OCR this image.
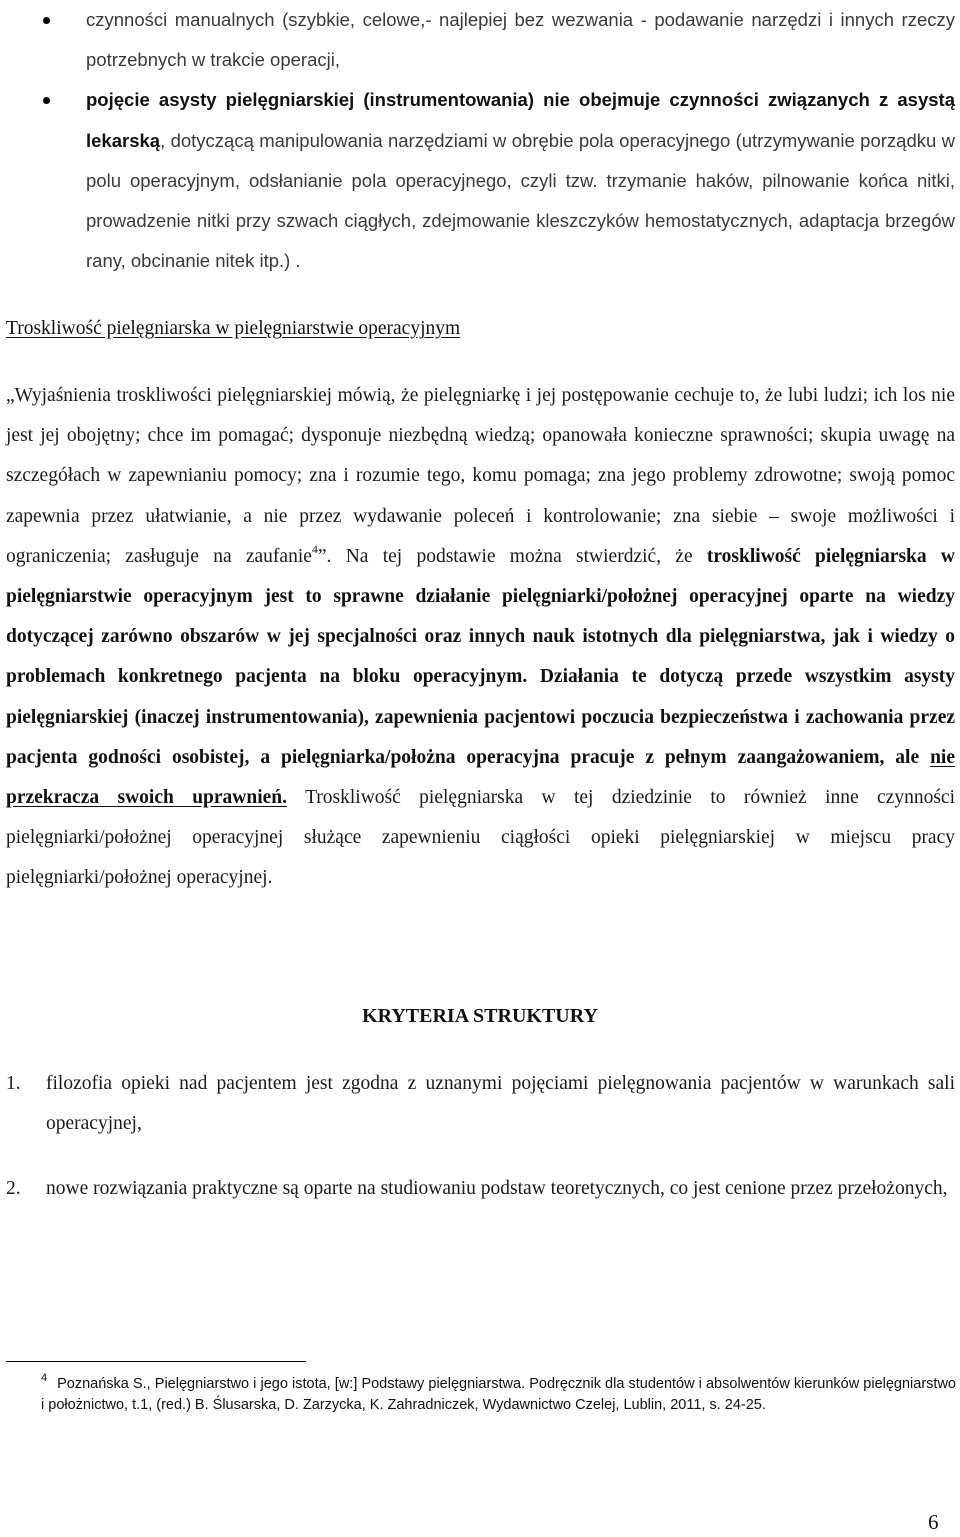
czynności manualnych (szybkie, celowe,- najlepiej bez wezwania - podawanie narzędzi i innych rzeczy potrzebnych w trakcie operacji,
pojęcie asysty pielęgniarskiej (instrumentowania) nie obejmuje czynności związanych z asystą lekarską, dotyczącą manipulowania narzędziami w obrębie pola operacyjnego (utrzymywanie porządku w polu operacyjnym, odsłanianie pola operacyjnego, czyli tzw. trzymanie haków, pilnowanie końca nitki, prowadzenie nitki przy szwach ciągłych, zdejmowanie kleszczyków hemostatycznych, adaptacja brzegów rany, obcinanie nitek itp.) .
Troskliwość pielęgniarska w pielęgniarstwie operacyjnym
„Wyjaśnienia troskliwości pielęgniarskiej mówią, że pielęgniarkę i jej postępowanie cechuje to, że lubi ludzi; ich los nie jest jej obojętny; chce im pomagać; dysponuje niezbędną wiedzą; opanowała konieczne sprawności; skupia uwagę na szczegółach w zapewnianiu pomocy; zna i rozumie tego, komu pomaga; zna jego problemy zdrowotne; swoją pomoc zapewnia przez ułatwianie, a nie przez wydawanie poleceń i kontrolowanie; zna siebie – swoje możliwości i ograniczenia; zasługuje na zaufanie$^4$”. Na tej podstawie można stwierdzić, że troskliwość pielęgniarska w pielęgniarstwie operacyjnym jest to sprawne działanie pielęgniarki/położnej operacyjnej oparte na wiedzy dotyczącej zarówno obszarów w jej specjalności oraz innych nauk istotnych dla pielęgniarstwa, jak i wiedzy o problemach konkretnego pacjenta na bloku operacyjnym. Działania te dotyczą przede wszystkim asysty pielęgniarskiej (inaczej instrumentowania), zapewnienia pacjentowi poczucia bezpieczeństwa i zachowania przez pacjenta godności osobistej, a pielęgniarka/położna operacyjna pracuje z pełnym zaangażowaniem, ale nie przekracza swoich uprawnień. Troskliwość pielęgniarska w tej dziedzinie to również inne czynności pielęgniarki/położnej operacyjnej służące zapewnieniu ciągłości opieki pielęgniarskiej w miejscu pracy pielęgniarki/położnej operacyjnej.
KRYTERIA STRUKTURY
1. filozofia opieki nad pacjentem jest zgodna z uznanymi pojęciami pielęgnowania pacjentów w warunkach sali operacyjnej,
2. nowe rozwiązania praktyczne są oparte na studiowaniu podstaw teoretycznych, co jest cenione przez przełożonych,
$^4$ Poznańska S., Pielęgniarstwo i jego istota, [w:] Podstawy pielęgniarstwa. Podręcznik dla studentów i absolwentów kierunków pielęgniarstwo i położnictwo, t.1, (red.) B. Ślusarska, D. Zarzycka, K. Zahradniczek, Wydawnictwo Czelej, Lublin, 2011, s. 24-25.
6
